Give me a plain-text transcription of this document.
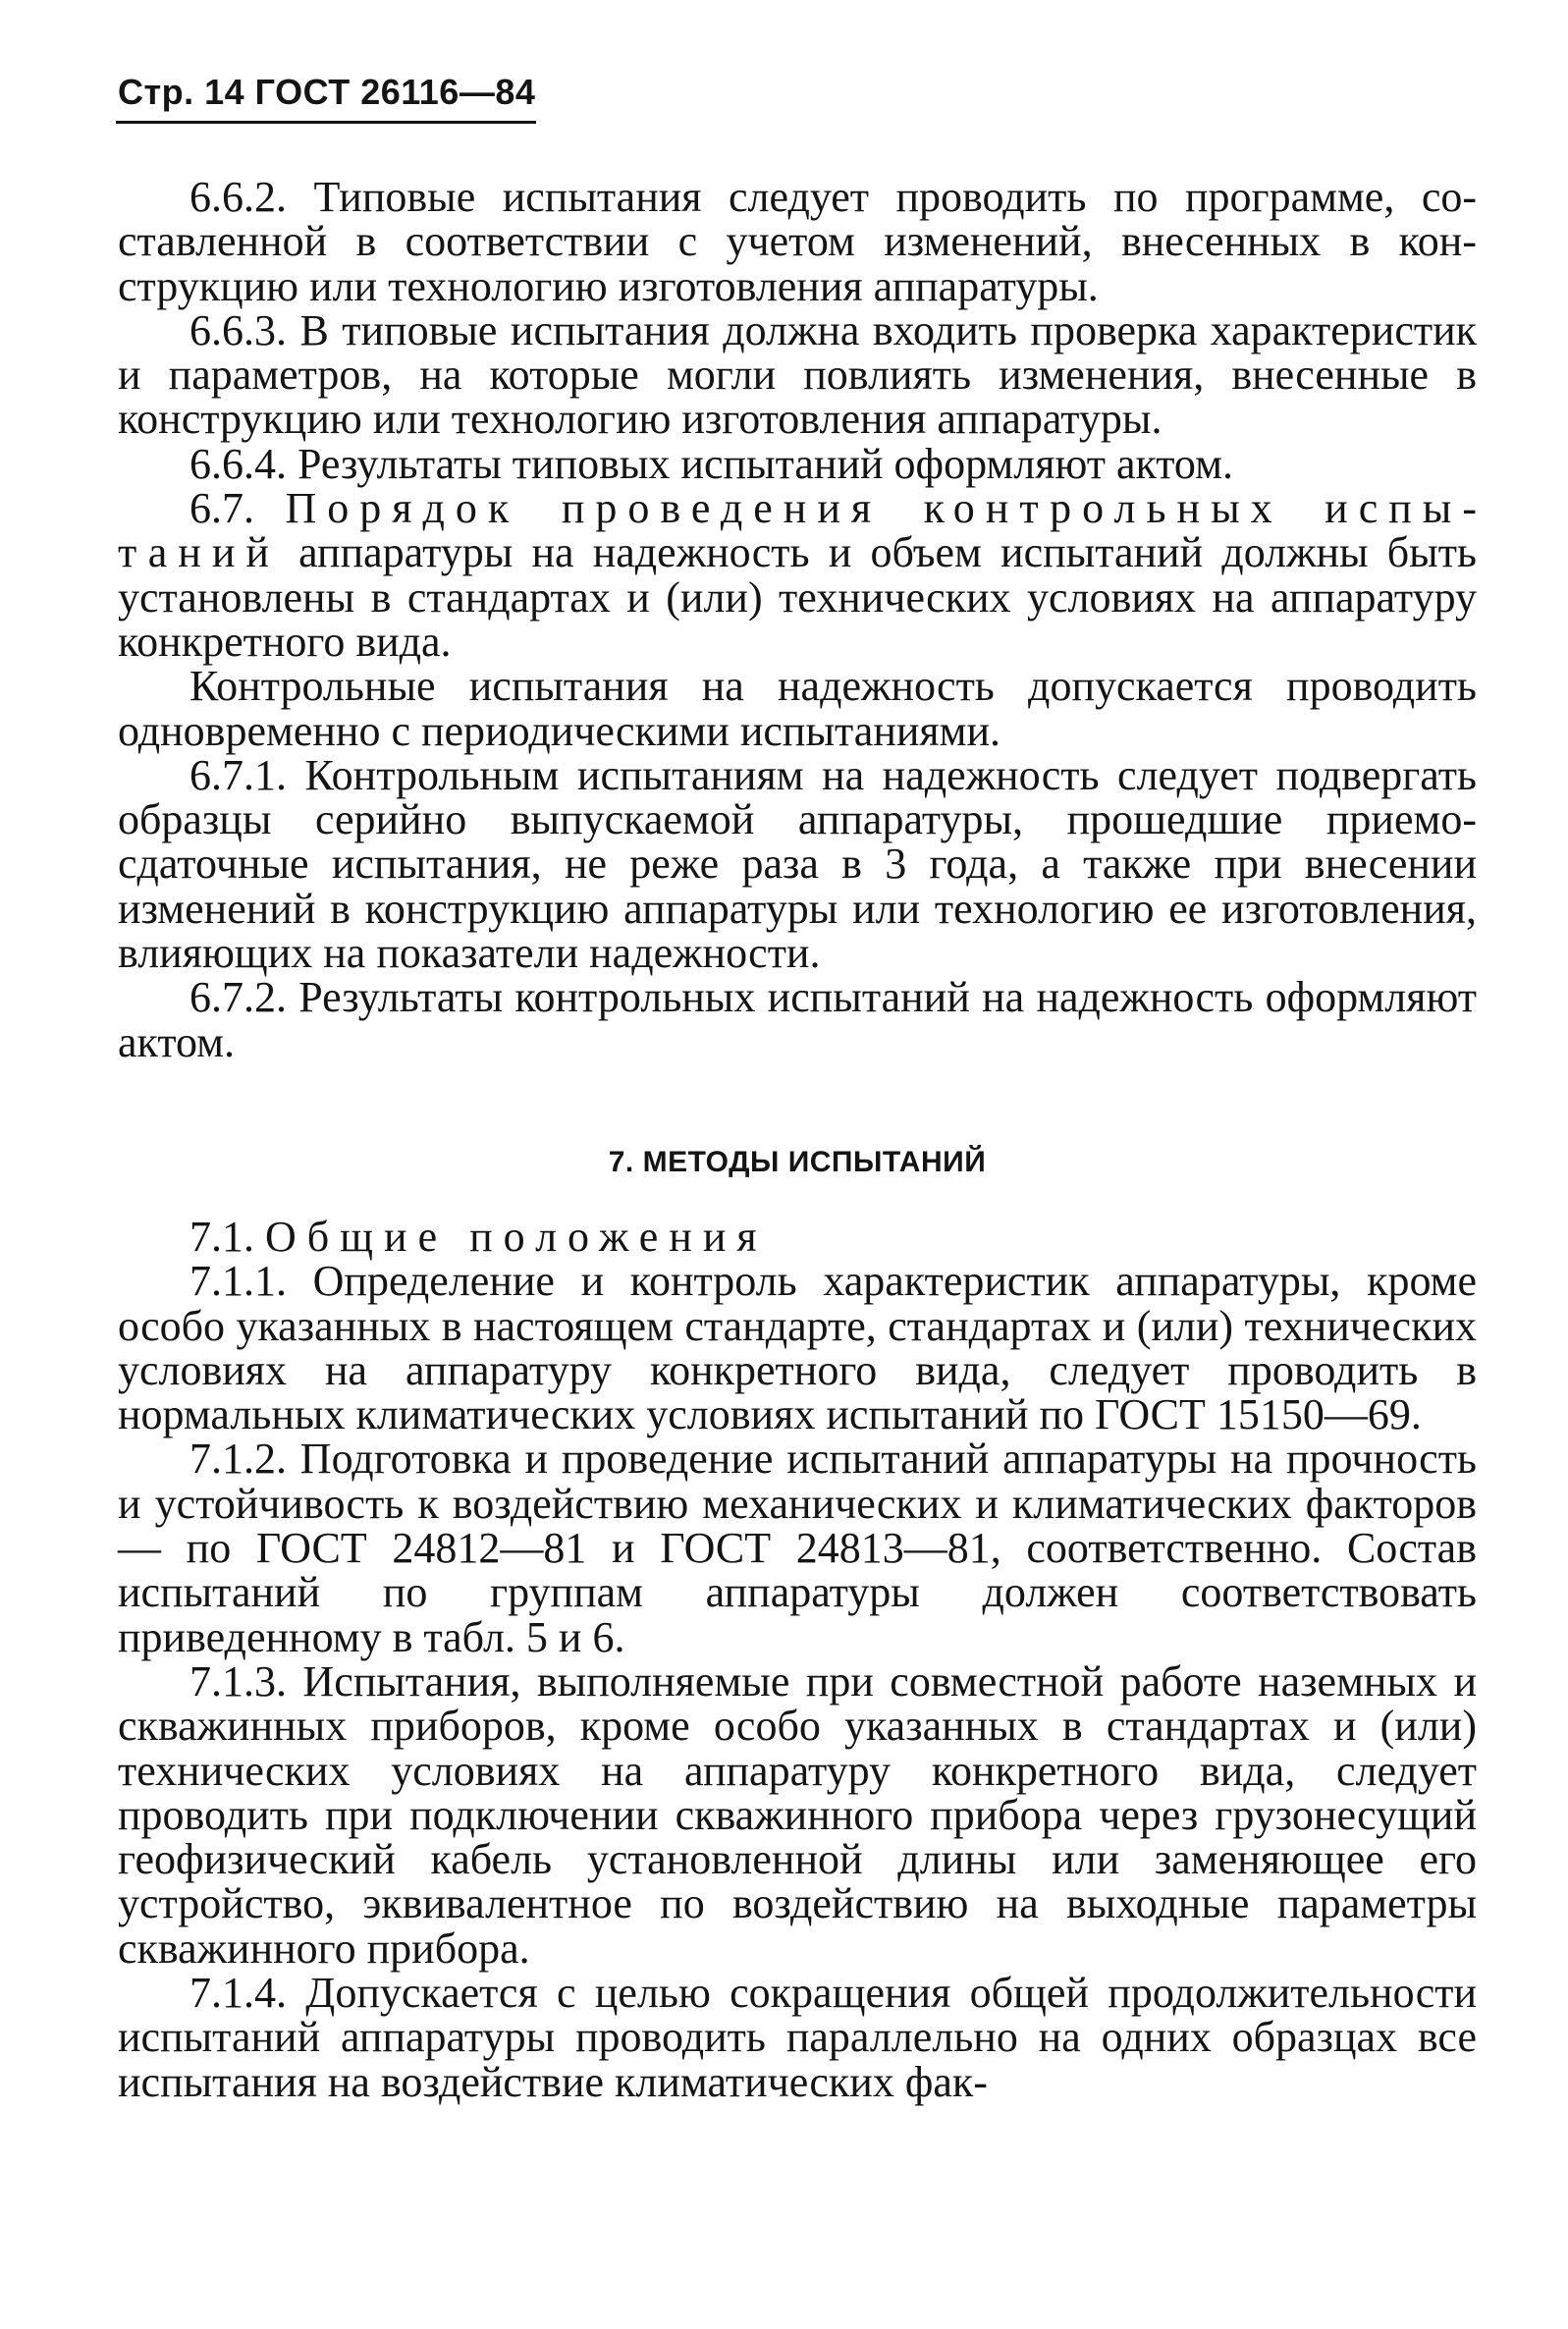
Стр. 14 ГОСТ 26116—84

6.6.2. Типовые испытания следует проводить по программе, составленной в соответствии с учетом изменений, внесенных в конструкцию или технологию изготовления аппаратуры.

6.6.3. В типовые испытания должна входить проверка характеристик и параметров, на которые могли повлиять изменения, внесенные в конструкцию или технологию изготовления аппаратуры.

6.6.4. Результаты типовых испытаний оформляют актом.

6.7. Порядок проведения контрольных испытаний аппаратуры на надежность и объем испытаний должны быть установлены в стандартах и (или) технических условиях на аппаратуру конкретного вида.

Контрольные испытания на надежность допускается проводить одновременно с периодическими испытаниями.

6.7.1. Контрольным испытаниям на надежность следует подвергать образцы серийно выпускаемой аппаратуры, прошедшие приемо-сдаточные испытания, не реже раза в 3 года, а также при внесении изменений в конструкцию аппаратуры или технологию ее изготовления, влияющих на показатели надежности.

6.7.2. Результаты контрольных испытаний на надежность оформляют актом.

7. МЕТОДЫ ИСПЫТАНИЙ

7.1. Общие положения

7.1.1. Определение и контроль характеристик аппаратуры, кроме особо указанных в настоящем стандарте, стандартах и (или) технических условиях на аппаратуру конкретного вида, следует проводить в нормальных климатических условиях испытаний по ГОСТ 15150—69.

7.1.2. Подготовка и проведение испытаний аппаратуры на прочность и устойчивость к воздействию механических и климатических факторов — по ГОСТ 24812—81 и ГОСТ 24813—81, соответственно. Состав испытаний по группам аппаратуры должен соответствовать приведенному в табл. 5 и 6.

7.1.3. Испытания, выполняемые при совместной работе наземных и скважинных приборов, кроме особо указанных в стандартах и (или) технических условиях на аппаратуру конкретного вида, следует проводить при подключении скважинного прибора через грузонесущий геофизический кабель установленной длины или заменяющее его устройство, эквивалентное по воздействию на выходные параметры скважинного прибора.

7.1.4. Допускается с целью сокращения общей продолжительности испытаний аппаратуры проводить параллельно на одних образцах все испытания на воздействие климатических фак-
